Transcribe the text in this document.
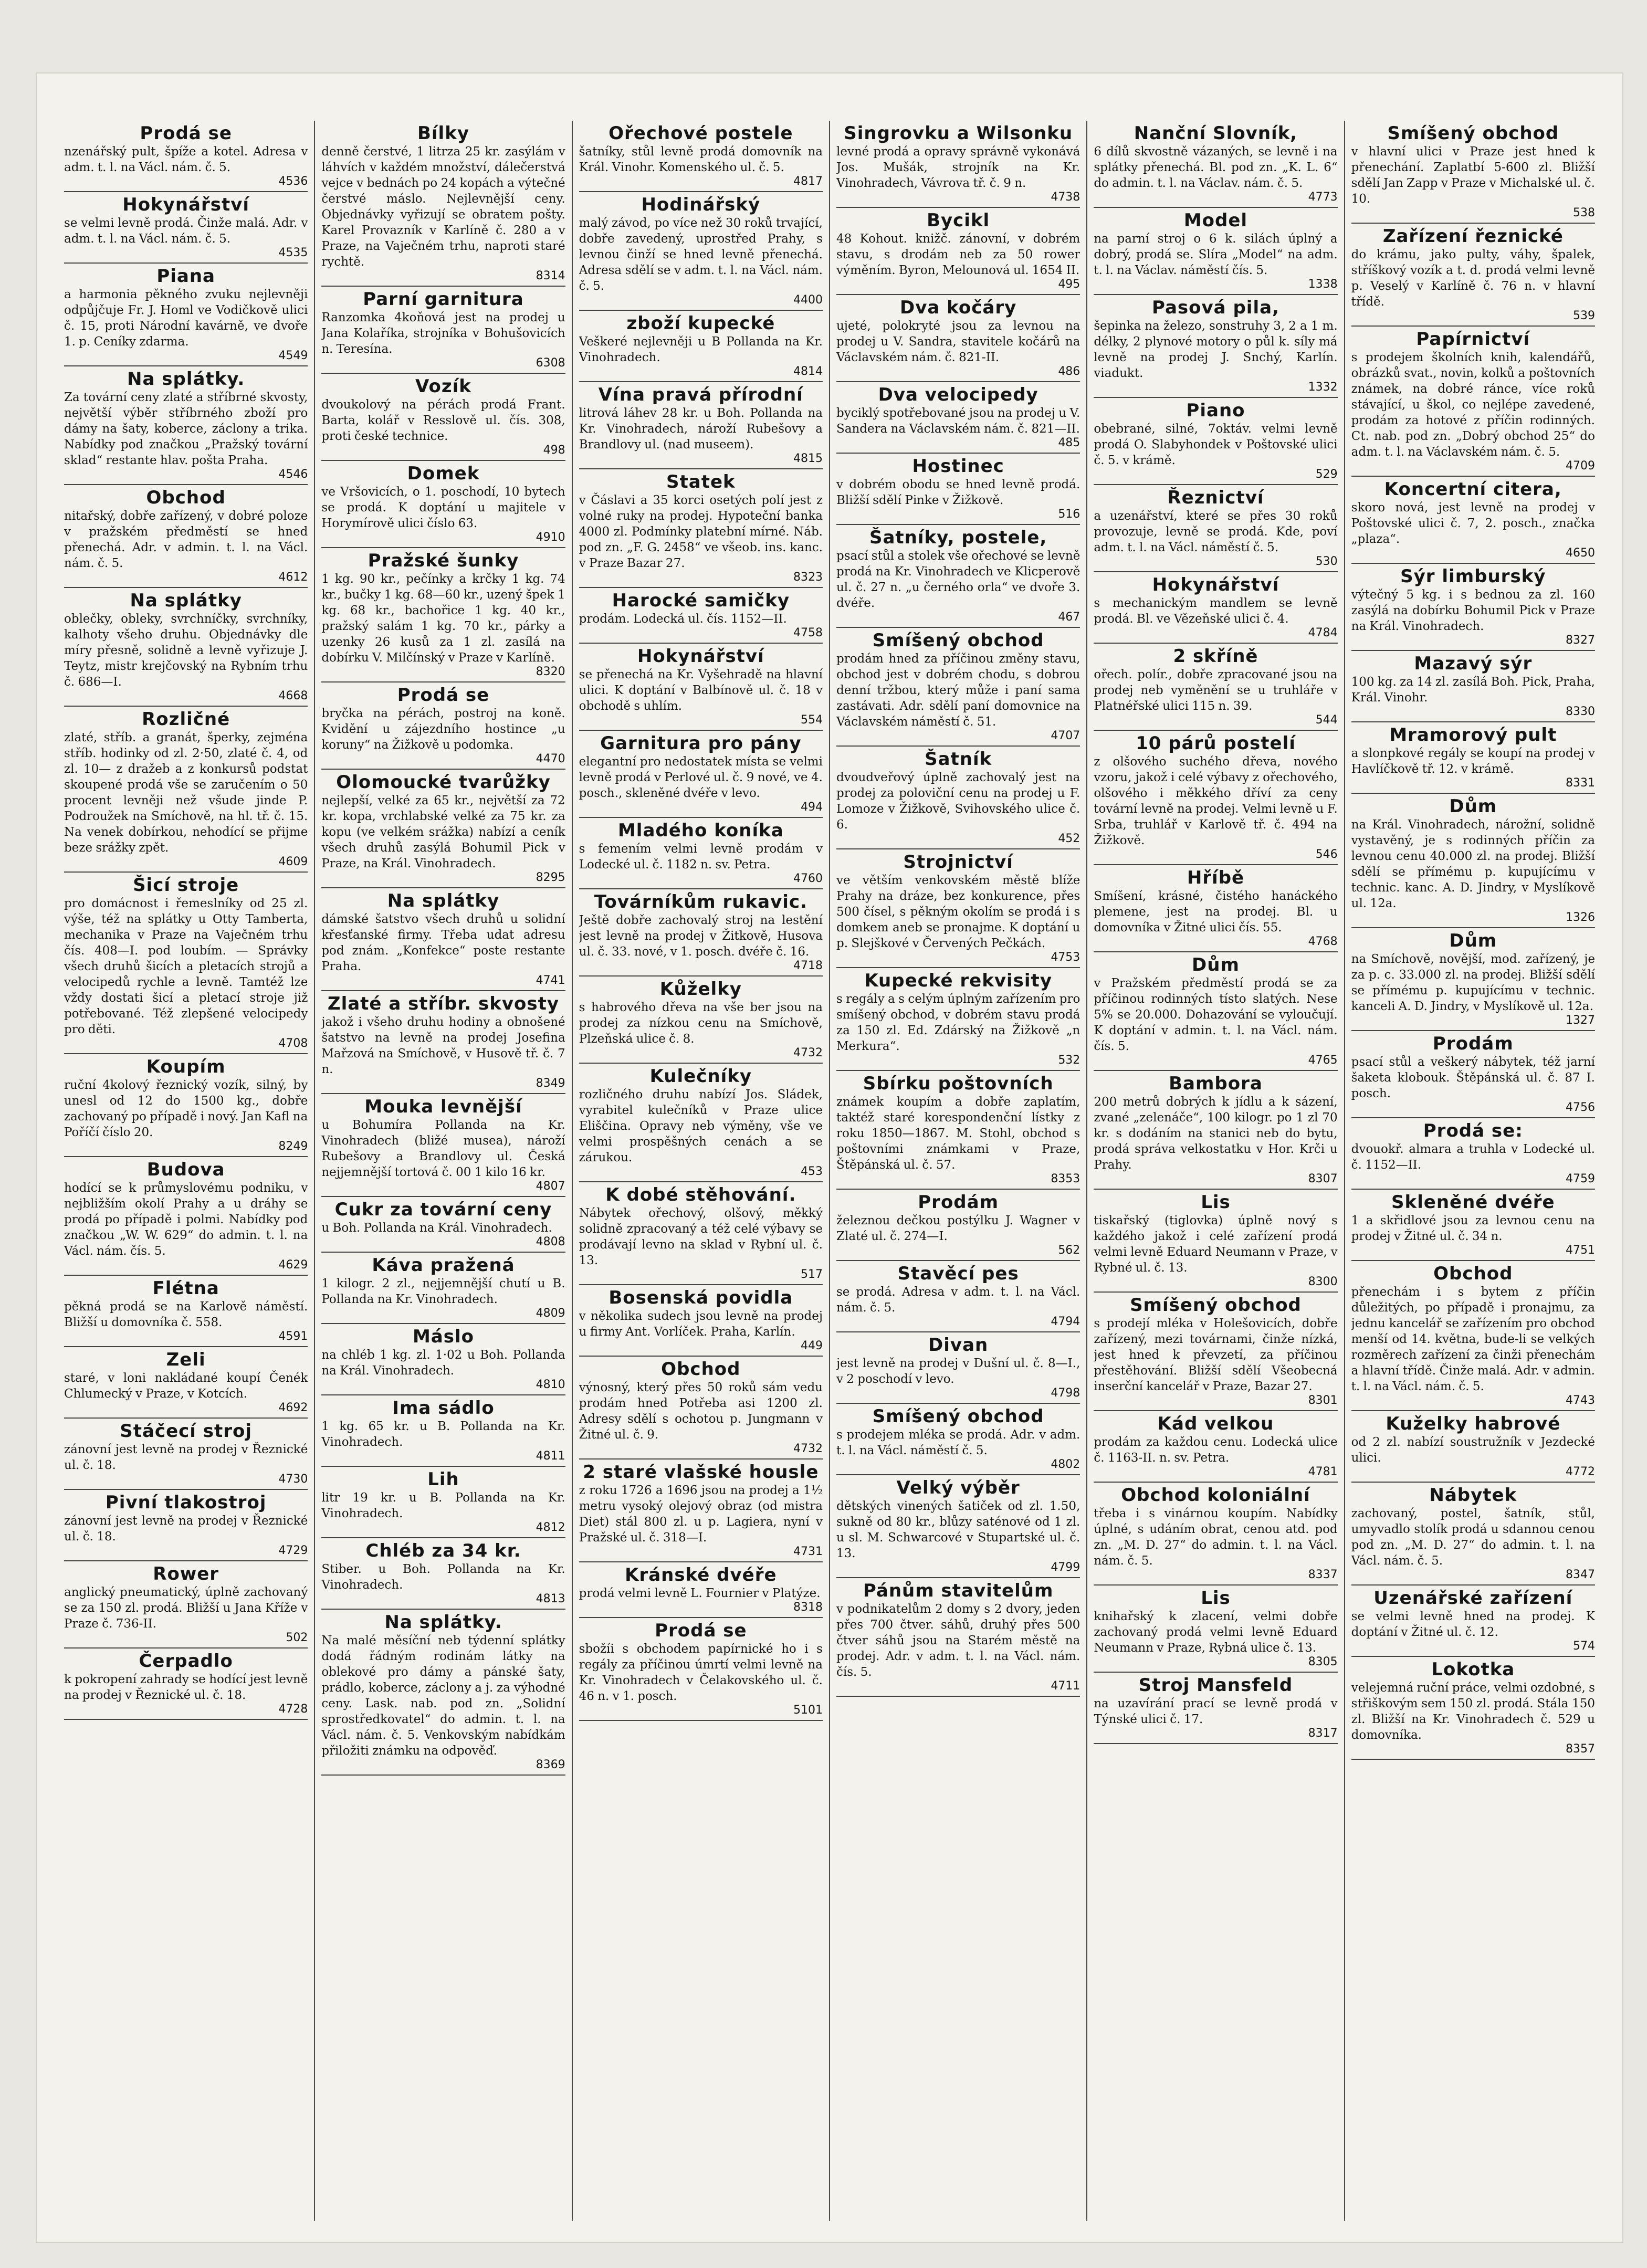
Prodá se
nzenářský pult, špíže a kotel. Adresa v adm. t. l. na Václ. nám. č. 5.
4536
Hokynářství
se velmi levně prodá. Činže malá. Adr. v adm. t. l. na Václ. nám. č. 5.
4535
Piana
a harmonia pěkného zvuku nejlevněji odpůjčuje Fr. J. Homl ve Vodičkově ulici č. 15, proti Národní kavárně, ve dvoře 1. p. Ceníky zdarma.
4549
Na splátky.
Za tovární ceny zlaté a stříbrné skvosty, největší výběr stříbrného zboží pro dámy na šaty, koberce, záclony a trika. Nabídky pod značkou „Pražský tovární sklad“ restante hlav. pošta Praha.
4546
Obchod
nitařský, dobře zařízený, v dobré poloze v pražském předměstí se hned přenechá. Adr. v admin. t. l. na Václ. nám. č. 5.
4612
Na splátky
oblečky, obleky, svrchníčky, svrchníky, kalhoty všeho druhu. Objednávky dle míry přesně, solidně a levně vyřizuje J. Teytz, mistr krejčovský na Rybním trhu č. 686—I.
4668
Rozličné
zlaté, stříb. a granát, šperky, zejména stříb. hodinky od zl. 2·50, zlaté č. 4, od zl. 10— z dražeb a z konkursů podstat skoupené prodá vše se zaručením o 50 procent levněji než všude jinde P. Podroužek na Smíchově, na hl. tř. č. 15. Na venek dobírkou, nehodící se přijme beze srážky zpět.
4609
Šicí stroje
pro domácnost i řemeslníky od 25 zl. výše, též na splátky u Otty Tamberta, mechanika v Praze na Vaječném trhu čís. 408—I. pod loubím. — Správky všech druhů šicích a pletacích strojů a velocipedů rychle a levně. Tamtéž lze vždy dostati šicí a pletací stroje již potřebované. Též zlepšené velocipedy pro děti.
4708
Koupím
ruční 4kolový řeznický vozík, silný, by unesl od 12 do 1500 kg., dobře zachovaný po případě i nový. Jan Kafl na Poříčí číslo 20.
8249
Budova
hodící se k průmyslovému podniku, v nejbližším okolí Prahy a u dráhy se prodá po případě i polmi. Nabídky pod značkou „W. W. 629“ do admin. t. l. na Václ. nám. čís. 5.
4629
Flétna
pěkná prodá se na Karlově náměstí. Bližší u domovníka č. 558.
4591
Zeli
staré, v loni nakládané koupí Čenék Chlumecký v Praze, v Kotcích.
4692
Stáčecí stroj
zánovní jest levně na prodej v Řeznické ul. č. 18.
4730
Pivní tlakostroj
zánovní jest levně na prodej v Řeznické ul. č. 18.
4729
Rower
anglický pneumatický, úplně zachovaný se za 150 zl. prodá. Bližší u Jana Kříže v Praze č. 736-II.
502
Čerpadlo
k pokropení zahrady se hodící jest levně na prodej v Řeznické ul. č. 18.
4728
Bílky
denně čerstvé, 1 litrza 25 kr. zasýlám v láhvích v každém množství, dálečerstvá vejce v bednách po 24 kopách a výtečné čerstvé máslo. Nejlevnější ceny. Objednávky vyřizují se obratem pošty. Karel Provazník v Karlíně č. 280 a v Praze, na Vaječném trhu, naproti staré rychtě.
8314
Parní garnitura
Ranzomka 4koňová jest na prodej u Jana Kolaříka, strojníka v Bohušovicích n. Teresína.
6308
Vozík
dvoukolový na pérách prodá Frant. Barta, kolář v Resslově ul. čís. 308, proti české technice.
498
Domek
ve Vršovicích, o 1. poschodí, 10 bytech se prodá. K doptání u majitele v Horymírově ulici číslo 63.
4910
Pražské šunky
1 kg. 90 kr., pečínky a krčky 1 kg. 74 kr., bučky 1 kg. 68—60 kr., uzený špek 1 kg. 68 kr., bachořice 1 kg. 40 kr., pražský salám 1 kg. 70 kr., párky a uzenky 26 kusů za 1 zl. zasílá na dobírku V. Milčínský v Praze v Karlíně.
8320
Prodá se
bryčka na pérách, postroj na koně. Kvidění u zájezdního hostince „u koruny“ na Žižkově u podomka.
4470
Olomoucké tvarůžky
nejlepší, velké za 65 kr., největší za 72 kr. kopa, vrchlabské velké za 75 kr. za kopu (ve velkém srážka) nabízí a ceník všech druhů zasýlá Bohumil Pick v Praze, na Král. Vinohradech.
8295
Na splátky
dámské šatstvo všech druhů u solidní křesťanské firmy. Třeba udat adresu pod znám. „Konfekce“ poste restante Praha.
4741
Zlaté a stříbr. skvosty
jakož i všeho druhu hodiny a obnošené šatstvo na levně na prodej Josefina Mařzová na Smíchově, v Husově tř. č. 7 n.
8349
Mouka levnější
u Bohumíra Pollanda na Kr. Vinohradech (bližé musea), nároží Rubešovy a Brandlovy ul. Česká nejjemnější tortová č. 00 1 kilo 16 kr.
4807
Cukr za tovární ceny
u Boh. Pollanda na Král. Vinohradech.
4808
Káva pražená
1 kilogr. 2 zl., nejjemnější chutí u B. Pollanda na Kr. Vinohradech.
4809
Máslo
na chléb 1 kg. zl. 1·02 u Boh. Pollanda na Král. Vinohradech.
4810
Ima sádlo
1 kg. 65 kr. u B. Pollanda na Kr. Vinohradech.
4811
Lih
litr 19 kr. u B. Pollanda na Kr. Vinohradech.
4812
Chléb za 34 kr.
Stiber. u Boh. Pollanda na Kr. Vinohradech.
4813
Na splátky.
Na malé měsíční neb týdenní splátky dodá řádným rodinám látky na oblekové pro dámy a pánské šaty, prádlo, koberce, záclony a j. za výhodné ceny. Lask. nab. pod zn. „Solidní sprostředkovatel“ do admin. t. l. na Václ. nám. č. 5. Venkovským nabídkám přiložiti známku na odpověď.
8369
Ořechové postele
šatníky, stůl levně prodá domovník na Král. Vinohr. Komenského ul. č. 5.
4817
Hodinářský
malý závod, po více než 30 roků trvající, dobře zavedený, uprostřed Prahy, s levnou činží se hned levně přenechá. Adresa sdělí se v adm. t. l. na Václ. nám. č. 5.
4400
zboží kupecké
Veškeré nejlevněji u B Pollanda na Kr. Vinohradech.
4814
Vína pravá přírodní
litrová láhev 28 kr. u Boh. Pollanda na Kr. Vinohradech, nároží Rubešovy a Brandlovy ul. (nad museem).
4815
Statek
v Čáslavi a 35 korci osetých polí jest z volné ruky na prodej. Hypoteční banka 4000 zl. Podmínky platební mírné. Náb. pod zn. „F. G. 2458“ ve všeob. ins. kanc. v Praze Bazar 27.
8323
Harocké samičky
prodám. Lodecká ul. čís. 1152—II.
4758
Hokynářství
se přenechá na Kr. Vyšehradě na hlavní ulici. K doptání v Balbínově ul. č. 18 v obchodě s uhlím.
554
Garnitura pro pány
elegantní pro nedostatek místa se velmi levně prodá v Perlové ul. č. 9 nové, ve 4. posch., skleněné dvéře v levo.
494
Mladého koníka
s femením velmi levně prodám v Lodecké ul. č. 1182 n. sv. Petra.
4760
Továrníkům rukavic.
Ještě dobře zachovalý stroj na lestění jest levně na prodej v Žitkově, Husova ul. č. 33. nové, v 1. posch. dvéře č. 16.
4718
Kůželky
s habrového dřeva na vše ber jsou na prodej za nízkou cenu na Smíchově, Plzeňská ulice č. 8.
4732
Kulečníky
rozličného druhu nabízí Jos. Sládek, vyrabitel kulečníků v Praze ulice Eliščina. Opravy neb výměny, vše ve velmi prospěšných cenách a se zárukou.
453
K dobé stěhování.
Nábytek ořechový, olšový, měkký solidně zpracovaný a též celé výbavy se prodávají levno na sklad v Rybní ul. č. 13.
517
Bosenská povidla
v několika sudech jsou levně na prodej u firmy Ant. Vorlíček. Praha, Karlín.
449
Obchod
výnosný, který přes 50 roků sám vedu prodám hned Potřeba asi 1200 zl. Adresy sdělí s ochotou p. Jungmann v Žitné ul. č. 9.
4732
2 staré vlašské housle
z roku 1726 a 1696 jsou na prodej a 1½ metru vysoký olejový obraz (od mistra Diet) stál 800 zl. u p. Lagiera, nyní v Pražské ul. č. 318—I.
4731
Kránské dvéře
prodá velmi levně L. Fournier v Platýze.
8318
Prodá se
sbožíi s obchodem papírnické ho i s regály za příčinou úmrtí velmi levně na Kr. Vinohradech v Čelakovského ul. č. 46 n. v 1. posch.
5101
Singrovku a Wilsonku
levné prodá a opravy správně vykonává Jos. Mušák, strojník na Kr. Vinohradech, Vávrova tř. č. 9 n.
4738
Bycikl
48 Kohout. knižč. zánovní, v dobrém stavu, s drodám neb za 50 rower výměním. Byron, Melounová ul. 1654 II.
495
Dva kočáry
ujeté, polokryté jsou za levnou na prodej u V. Sandra, stavitele kočárů na Václavském nám. č. 821-II.
486
Dva velocipedy
byciklý spotřebované jsou na prodej u V. Sandera na Václavském nám. č. 821—II.
485
Hostinec
v dobrém obodu se hned levně prodá. Bližší sdělí Pinke v Žižkově.
516
Šatníky, postele,
psací stůl a stolek vše ořechové se levně prodá na Kr. Vinohradech ve Klicperově ul. č. 27 n. „u černého orla“ ve dvoře 3. dvéře.
467
Smíšený obchod
prodám hned za příčinou změny stavu, obchod jest v dobrém chodu, s dobrou denní tržbou, který může i paní sama zastávati. Adr. sdělí paní domovnice na Václavském náměstí č. 51.
4707
Šatník
dvoudveřový úplně zachovalý jest na prodej za poloviční cenu na prodej u F. Lomoze v Žižkově, Svihovského ulice č. 6.
452
Strojnictví
ve větším venkovském městě blíže Prahy na dráze, bez konkurence, přes 500 čísel, s pěkným okolím se prodá i s domkem aneb se pronajme. K doptání u p. Slejškové v Červených Pečkách.
4753
Kupecké rekvisity
s regály a s celým úplným zařízením pro smíšený obchod, v dobrém stavu prodá za 150 zl. Ed. Zdárský na Žižkově „n Merkura“.
532
Sbírku poštovních
známek koupím a dobře zaplatím, taktéž staré korespondenční lístky z roku 1850—1867. M. Stohl, obchod s poštovními známkami v Praze, Štěpánská ul. č. 57.
8353
Prodám
železnou dečkou postýlku J. Wagner v Zlaté ul. č. 274—I.
562
Stavěcí pes
se prodá. Adresa v adm. t. l. na Václ. nám. č. 5.
4794
Divan
jest levně na prodej v Dušní ul. č. 8—I., v 2 poschodí v levo.
4798
Smíšený obchod
s prodejem mléka se prodá. Adr. v adm. t. l. na Václ. náměstí č. 5.
4802
Velký výběr
dětských vinených šatiček od zl. 1.50, sukně od 80 kr., blůzy saténové od 1 zl. u sl. M. Schwarcové v Stupartské ul. č. 13.
4799
Pánům stavitelům
v podnikatelům 2 domy s 2 dvory, jeden přes 700 čtver. sáhů, druhý přes 500 čtver sáhů jsou na Starém městě na prodej. Adr. v adm. t. l. na Václ. nám. čís. 5.
4711
Nanční Slovník,
6 dílů skvostně vázaných, se levně i na splátky přenechá. Bl. pod zn. „K. L. 6“ do admin. t. l. na Václav. nám. č. 5.
4773
Model
na parní stroj o 6 k. silách úplný a dobrý, prodá se. Slíra „Model“ na adm. t. l. na Václav. náměstí čís. 5.
1338
Pasová pila,
šepinka na železo, sonstruhy 3, 2 a 1 m. délky, 2 plynové motory o půl k. síly má levně na prodej J. Snchý, Karlín. viadukt.
1332
Piano
obebrané, silné, 7oktáv. velmi levně prodá O. Slabyhondek v Poštovské ulici č. 5. v krámě.
529
Řeznictví
a uzenářství, které se přes 30 roků provozuje, levně se prodá. Kde, poví adm. t. l. na Václ. náměstí č. 5.
530
Hokynářství
s mechanickým mandlem se levně prodá. Bl. ve Vězeňské ulici č. 4.
4784
2 skříně
ořech. polír., dobře zpracované jsou na prodej neb vyměnění se u truhláře v Platnéřské ulici 115 n. 39.
544
10 párů postelí
z olšového suchého dřeva, nového vzoru, jakož i celé výbavy z ořechového, olšového i měkkého dříví za ceny tovární levně na prodej. Velmi levně u F. Srba, truhlář v Karlově tř. č. 494 na Žižkově.
546
Hříbě
Smíšení, krásné, čistého hanáckého plemene, jest na prodej. Bl. u domovníka v Žitné ulici čís. 55.
4768
Dům
v Pražském předměstí prodá se za příčinou rodinných tísto slatých. Nese 5% se 20.000. Dohazování se vyloučují. K doptání v admin. t. l. na Václ. nám. čís. 5.
4765
Bambora
200 metrů dobrých k jídlu a k sázení, zvané „zelenáče“, 100 kilogr. po 1 zl 70 kr. s dodáním na stanici neb do bytu, prodá správa velkostatku v Hor. Krči u Prahy.
8307
Lis
tiskařský (tiglovka) úplně nový s každého jakož i celé zařízení prodá velmi levně Eduard Neumann v Praze, v Rybné ul. č. 13.
8300
Smíšený obchod
s prodejí mléka v Holešovicích, dobře zařízený, mezi továrnami, činže nízká, jest hned k převzetí, za příčinou přestěhování. Bližší sdělí Všeobecná inserční kancelář v Praze, Bazar 27.
8301
Kád velkou
prodám za každou cenu. Lodecká ulice č. 1163-II. n. sv. Petra.
4781
Obchod koloniální
třeba i s vinárnou koupím. Nabídky úplné, s udáním obrat, cenou atd. pod zn. „M. D. 27“ do admin. t. l. na Václ. nám. č. 5.
8337
Lis
knihařský k zlacení, velmi dobře zachovaný prodá velmi levně Eduard Neumann v Praze, Rybná ulice č. 13.
8305
Stroj Mansfeld
na uzavírání prací se levně prodá v Týnské ulici č. 17.
8317
Smíšený obchod
v hlavní ulici v Praze jest hned k přenechání. Zaplatbí 5-600 zl. Bližší sdělí Jan Zapp v Praze v Michalské ul. č. 10.
538
Zařízení řeznické
do krámu, jako pulty, váhy, špalek, stříškový vozík a t. d. prodá velmi levně p. Veselý v Karlíně č. 76 n. v hlavní třídě.
539
Papírnictví
s prodejem školních knih, kalendářů, obrázků svat., novin, kolků a poštovních známek, na dobré ránce, více roků stávající, u škol, co nejlépe zavedené, prodám za hotové z příčin rodinných. Ct. nab. pod zn. „Dobrý obchod 25“ do adm. t. l. na Václavském nám. č. 5.
4709
Koncertní citera,
skoro nová, jest levně na prodej v Poštovské ulici č. 7, 2. posch., značka „plaza“.
4650
Sýr limburský
výtečný 5 kg. i s bednou za zl. 160 zasýlá na dobírku Bohumil Pick v Praze na Král. Vinohradech.
8327
Mazavý sýr
100 kg. za 14 zl. zasílá Boh. Pick, Praha, Král. Vinohr.
8330
Mramorový pult
a slonpkové regály se koupí na prodej v Havlíčkově tř. 12. v krámě.
8331
Dům
na Král. Vinohradech, nárožní, solidně vystavěný, je s rodinných příčin za levnou cenu 40.000 zl. na prodej. Bližší sdělí se přímému p. kupujícímu v technic. kanc. A. D. Jindry, v Myslíkově ul. 12a.
1326
Dům
na Smíchově, novější, mod. zařízený, je za p. c. 33.000 zl. na prodej. Bližší sdělí se přímému p. kupujícímu v technic. kanceli A. D. Jindry, v Myslíkově ul. 12a.
1327
Prodám
psací stůl a veškerý nábytek, též jarní šaketa klobouk. Štěpánská ul. č. 87 I. posch.
4756
Prodá se:
dvouokř. almara a truhla v Lodecké ul. č. 1152—II.
4759
Skleněné dvéře
1 a skřidlové jsou za levnou cenu na prodej v Žitné ul. č. 34 n.
4751
Obchod
přenechám i s bytem z příčin důležitých, po případě i pronajmu, za jednu kancelář se zařízením pro obchod menší od 14. května, bude-li se velkých rozměrech zařízení za činži přenechám a hlavní třídě. Činže malá. Adr. v admin. t. l. na Václ. nám. č. 5.
4743
Kuželky habrové
od 2 zl. nabízí soustružník v Jezdecké ulici.
4772
Nábytek
zachovaný, postel, šatník, stůl, umyvadlo stolík prodá u sdannou cenou pod zn. „M. D. 27“ do admin. t. l. na Václ. nám. č. 5.
8347
Uzenářské zařízení
se velmi levně hned na prodej. K doptání v Žitné ul. č. 12.
574
Lokotka
velejemná ruční práce, velmi ozdobné, s střiškovým sem 150 zl. prodá. Stála 150 zl. Bližší na Kr. Vinohradech č. 529 u domovníka.
8357
